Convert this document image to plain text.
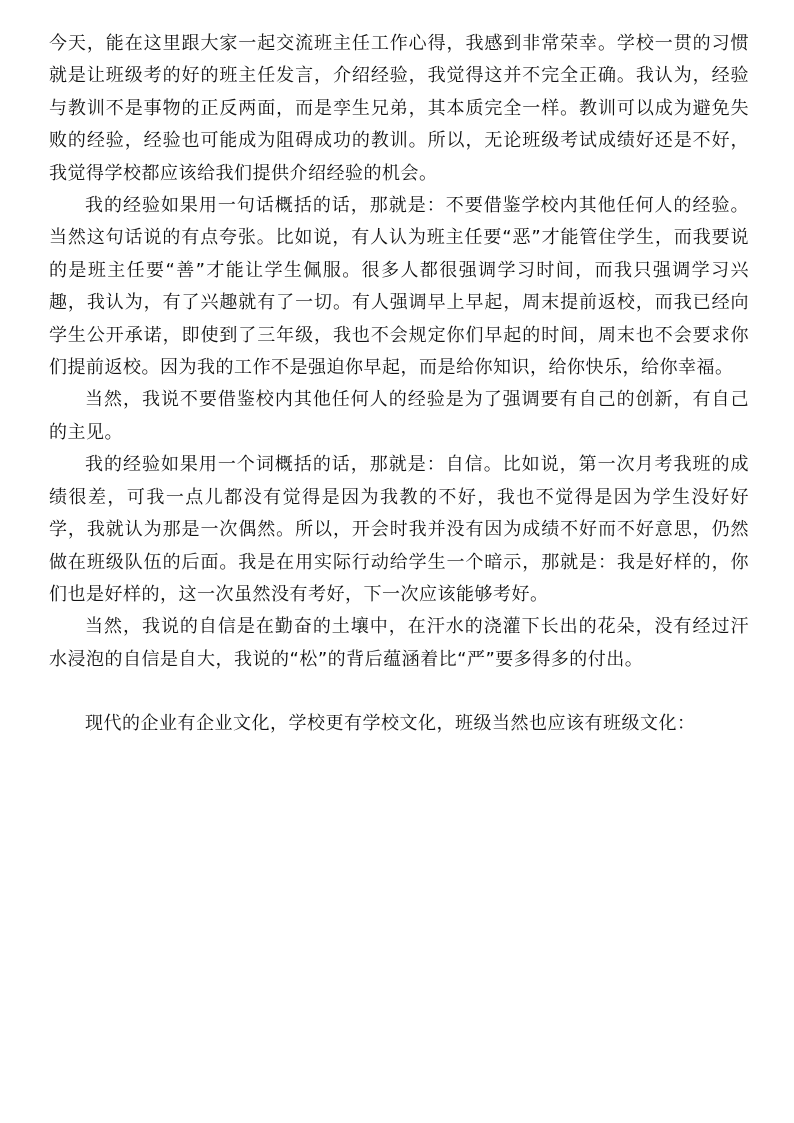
今天，能在这里跟大家一起交流班主任工作心得，我感到非常荣幸。学校一贯的习惯就是让班级考的好的班主任发言，介绍经验，我觉得这并不完全正确。我认为，经验与教训不是事物的正反两面，而是孪生兄弟，其本质完全一样。教训可以成为避免失败的经验，经验也可能成为阻碍成功的教训。所以，无论班级考试成绩好还是不好，我觉得学校都应该给我们提供介绍经验的机会。

我的经验如果用一句话概括的话，那就是：不要借鉴学校内其他任何人的经验。当然这句话说的有点夸张。比如说，有人认为班主任要“恶”才能管住学生，而我要说的是班主任要“善”才能让学生佩服。很多人都很强调学习时间，而我只强调学习兴趣，我认为，有了兴趣就有了一切。有人强调早上早起，周末提前返校，而我已经向学生公开承诺，即使到了三年级，我也不会规定你们早起的时间，周末也不会要求你们提前返校。因为我的工作不是强迫你早起，而是给你知识，给你快乐，给你幸福。

当然，我说不要借鉴校内其他任何人的经验是为了强调要有自己的创新，有自己的主见。

我的经验如果用一个词概括的话，那就是：自信。比如说，第一次月考我班的成绩很差，可我一点儿都没有觉得是因为我教的不好，我也不觉得是因为学生没好好学，我就认为那是一次偶然。所以，开会时我并没有因为成绩不好而不好意思，仍然做在班级队伍的后面。我是在用实际行动给学生一个暗示，那就是：我是好样的，你们也是好样的，这一次虽然没有考好，下一次应该能够考好。

当然，我说的自信是在勤奋的土壤中，在汗水的浇灌下长出的花朵，没有经过汗水浸泡的自信是自大，我说的“松”的背后蕴涵着比“严”要多得多的付出。

现代的企业有企业文化，学校更有学校文化，班级当然也应该有班级文化：
